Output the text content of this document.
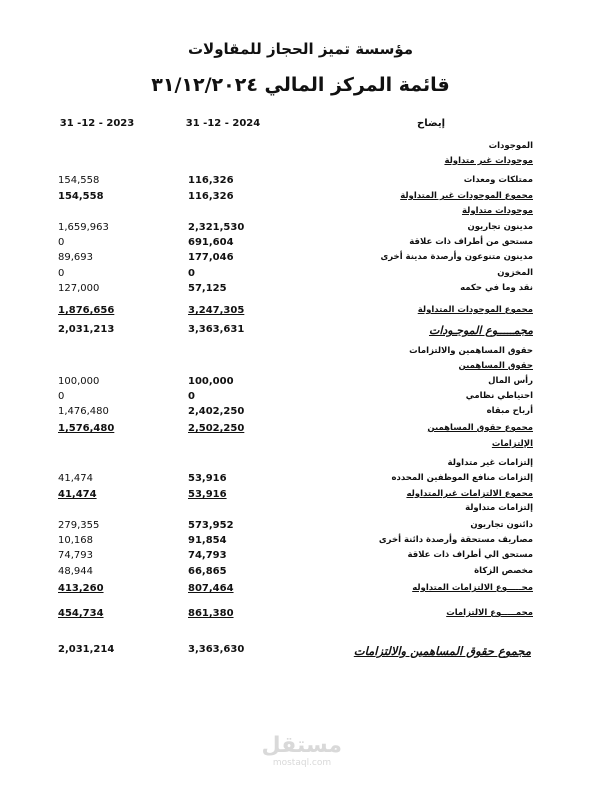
مؤسسة تميز الحجاز للمقاولات
قائمة المركز المالي ٣١/١٢/٢٠٢٤
31 -12 - 2023	31 -12 - 2024	إيضاح
الموجودات
موجودات غير متداولة
ممتلكات ومعدات
116,326
154,558
مجموع الموجودات غير المتداولة
116,326
154,558
موجودات متداولة
مدينون تجاريون
2,321,530
1,659,963
مستحق من أطراف ذات علاقة
691,604
0
مدينون متنوعون وأرصدة مدينة أخرى
177,046
89,693
المخزون
0
0
نقد وما في حكمه
57,125
127,000
مجموع الموجودات المتداولة
3,247,305
1,876,656
مجمـــــوع الموجـودات
3,363,631
2,031,213
حقوق المساهمين والالتزامات
حقوق المساهمين
رأس المال
100,000
100,000
احتياطي نظامي
0
0
أرباح مبقاه
2,402,250
1,476,480
مجموع حقوق المساهمين
2,502,250
1,576,480
الإلتزامات
إلتزامات غير متداولة
إلتزامات منافع الموظفين المحدده
53,916
41,474
مجموع الالتزامات غيرالمتداوله
53,916
41,474
إلتزامات متداولة
دائنون تجاريون
573,952
279,355
مصاريف مستحقة وأرصدة دائنة أخرى
91,854
10,168
مستحق الي أطراف ذات علاقة
74,793
74,793
مخصص الزكاة
66,865
48,944
مجـــــوع الالتزامات المتداوله
807,464
413,260
مجمـــــوع الالتزامات
861,380
454,734
مجموع حقوق المساهمين والالتزامات
3,363,630
2,031,214
مستقل
mostaql.com
